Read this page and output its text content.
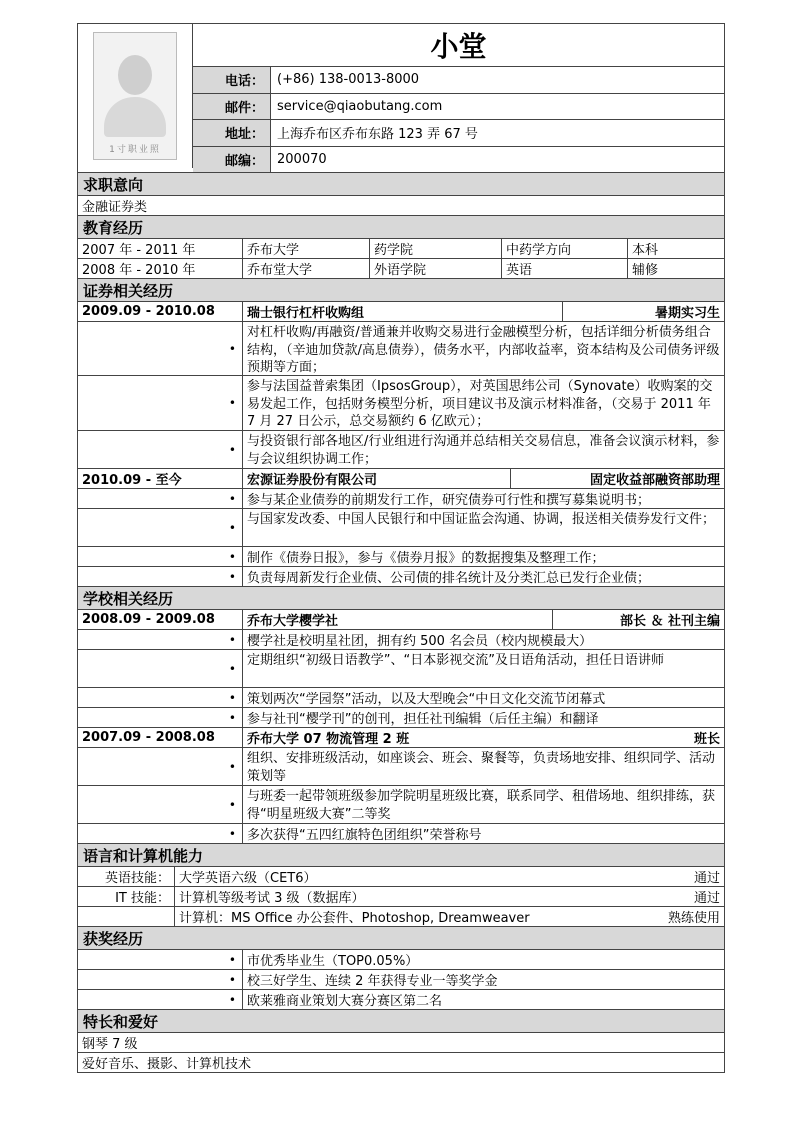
1寸职业照
小堂
电话： (+86) 138-0013-8000
邮件： service@qiaobutang.com
地址： 上海乔布区乔布东路 123 弄 67 号
邮编： 200070
求职意向
金融证券类
教育经历
2007 年 - 2011 年	乔布大学	药学院	中药学方向	本科
2008 年 - 2010 年	乔布堂大学	外语学院	英语	辅修
证券相关经历
2009.09 - 2010.08	瑞士银行杠杆收购组	暑期实习生
•
对杠杆收购/再融资/普通兼并收购交易进行金融模型分析，包括详细分析债务组合结构，（辛迪加贷款/高息债券），债务水平，内部收益率，资本结构及公司债务评级预期等方面；
•
参与法国益普索集团（IpsosGroup），对英国思纬公司（Synovate）收购案的交易发起工作，包括财务模型分析，项目建议书及演示材料准备，（交易于 2011 年 7 月 27 日公示，总交易额约 6 亿欧元）；
•
与投资银行部各地区/行业组进行沟通并总结相关交易信息，准备会议演示材料，参与会议组织协调工作；
2010.09 - 至今	宏源证券股份有限公司	固定收益部融资部助理
• 参与某企业债券的前期发行工作，研究债券可行性和撰写募集说明书；
•
与国家发改委、中国人民银行和中国证监会沟通、协调，报送相关债券发行文件；
• 制作《债券日报》，参与《债券月报》的数据搜集及整理工作；
• 负责每周新发行企业债、公司债的排名统计及分类汇总已发行企业债；
学校相关经历
2008.09 - 2009.08	乔布大学樱学社	部长 ＆ 社刊主编
• 樱学社是校明星社团，拥有约 500 名会员（校内规模最大）
•
定期组织“初级日语教学”、“日本影视交流”及日语角活动，担任日语讲师
• 策划两次“学园祭”活动，以及大型晚会“中日文化交流节闭幕式
• 参与社刊“樱学刊”的创刊，担任社刊编辑（后任主编）和翻译
2007.09 - 2008.08	乔布大学 07 物流管理 2 班	班长
•
组织、安排班级活动，如座谈会、班会、聚餐等，负责场地安排、组织同学、活动策划等
•
与班委一起带领班级参加学院明星班级比赛，联系同学、租借场地、组织排练，获得“明星班级大赛”二等奖
• 多次获得“五四红旗特色团组织”荣誉称号
语言和计算机能力
英语技能： 大学英语六级（CET6）	通过
IT 技能： 计算机等级考试 3 级（数据库）	通过
计算机：MS Office 办公套件、Photoshop, Dreamweaver	熟练使用
获奖经历
• 市优秀毕业生（TOP0.05%）
• 校三好学生、连续 2 年获得专业一等奖学金
• 欧莱雅商业策划大赛分赛区第二名
特长和爱好
钢琴 7 级
爱好音乐、摄影、计算机技术
